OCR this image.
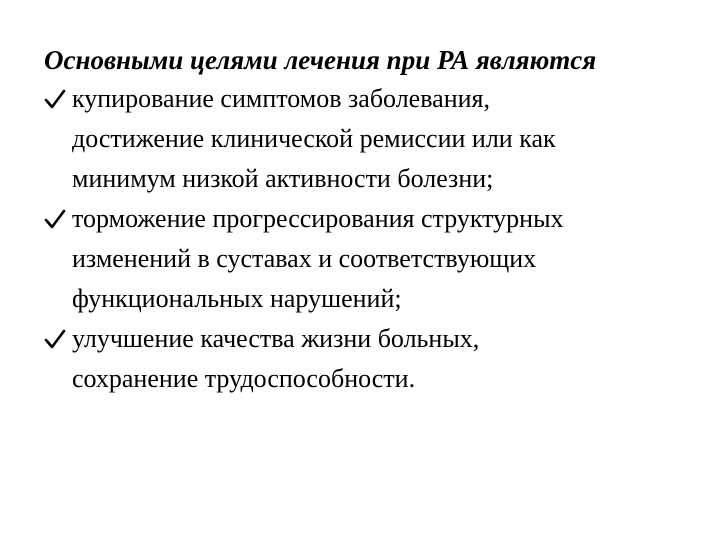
Основными целями лечения при РА являются

купирование симптомов заболевания,
достижение клинической ремиссии или как
минимум низкой активности болезни;
торможение прогрессирования структурных
изменений в суставах и соответствующих
функциональных нарушений;
улучшение качества жизни больных,
сохранение трудоспособности.
